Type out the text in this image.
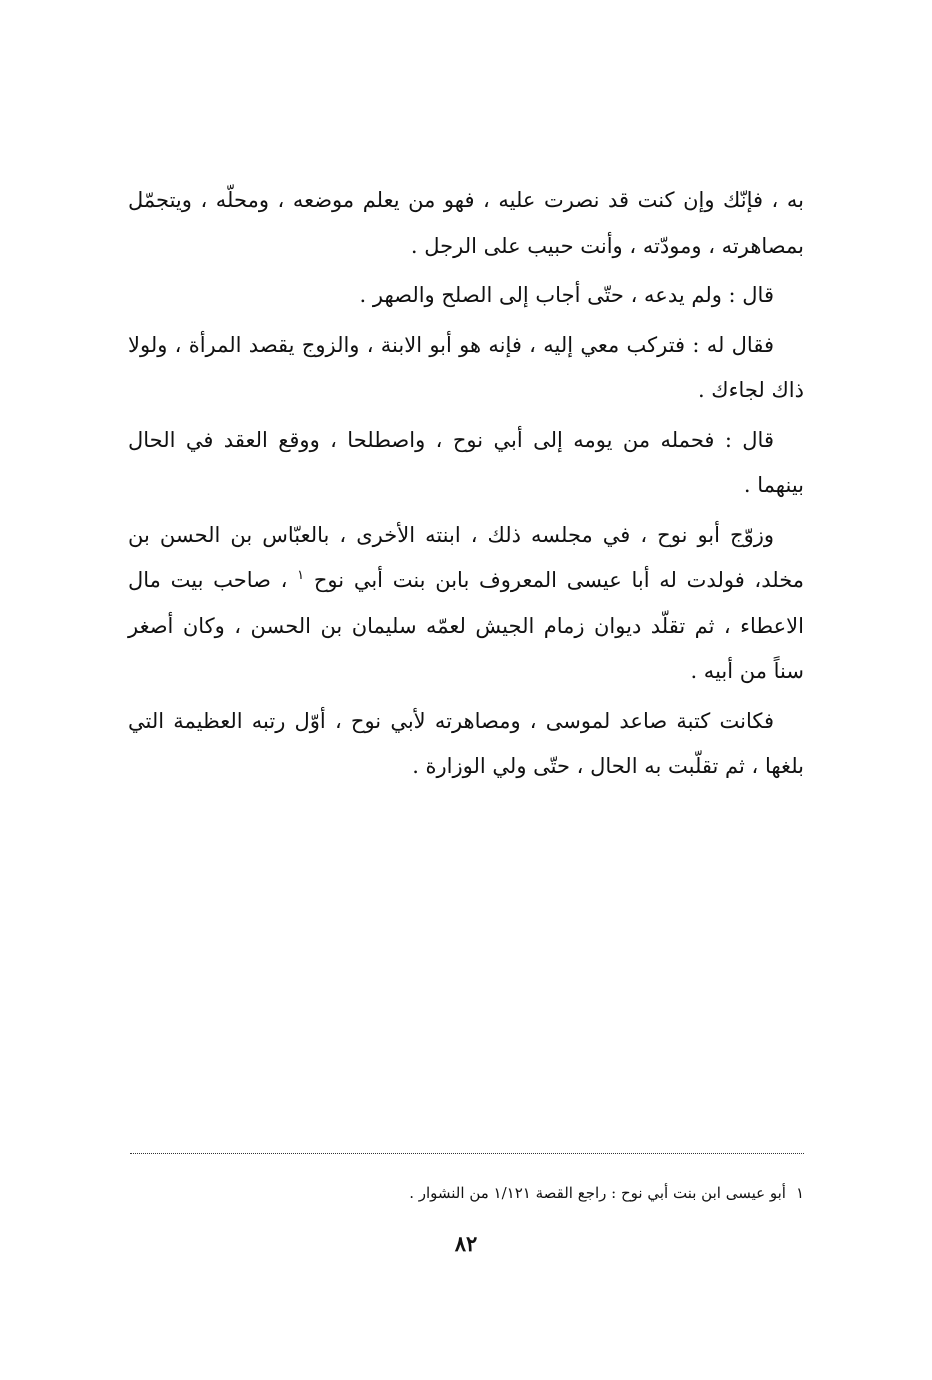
به ، فإنّك وإن كنت قد نصرت عليه ، فهو من يعلم موضعه ، ومحلّه ، ويتجمّل بمصاهرته ، ومودّته ، وأنت حبيب على الرجل .

قال : ولم يدعه ، حتّى أجاب إلى الصلح والصهر .

فقال له : فتركب معي إليه ، فإنه هو أبو الابنة ، والزوج يقصد المرأة ، ولولا ذاك لجاءك .

قال : فحمله من يومه إلى أبي نوح ، واصطلحا ، ووقع العقد في الحال بينهما .

وزوّج أبو نوح ، في مجلسه ذلك ، ابنته الأخرى ، بالعبّاس بن الحسن بن مخلد، فولدت له أبا عيسى المعروف بابن بنت أبي نوح $^١$ ، صاحب بيت مال الاعطاء ، ثم تقلّد ديوان زمام الجيش لعمّه سليمان بن الحسن ، وكان أصغر سناً من أبيه .

فكانت كتبة صاعد لموسى ، ومصاهرته لأبي نوح ، أوّل رتبه العظيمة التي بلغها ، ثم تقلّبت به الحال ، حتّى ولي الوزارة .

١أبو عيسى ابن بنت أبي نوح : راجع القصة ١/١٢١ من النشوار .
٨٢
